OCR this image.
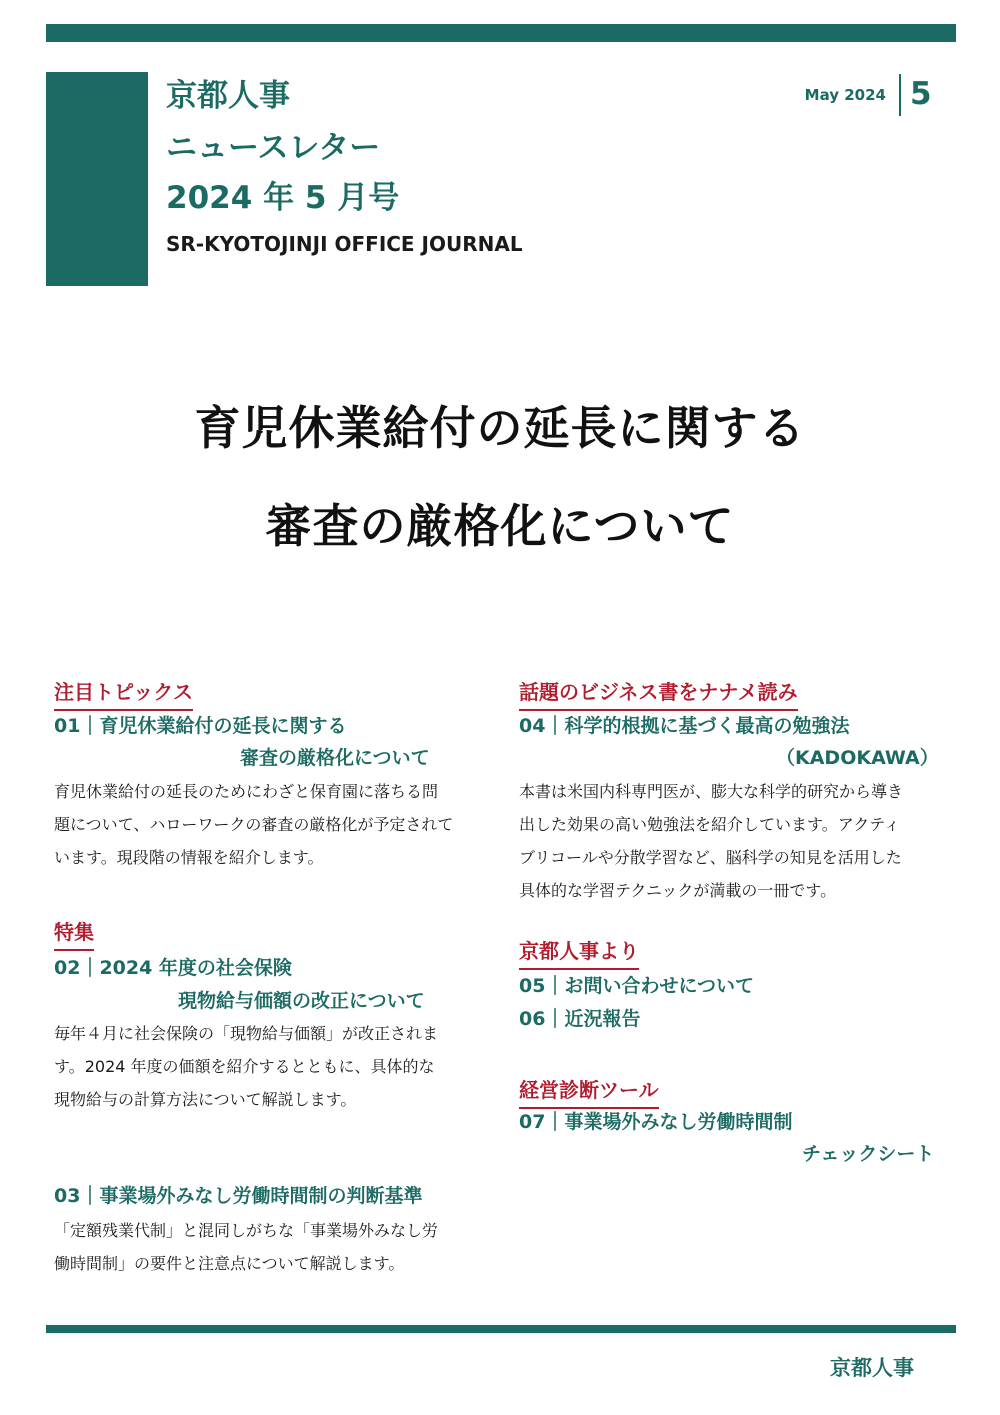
京都人事
ニュースレター
2024 年 5 月号
SR-KYOTOJINJI OFFICE JOURNAL
May 2024 5
育児休業給付の延長に関する
審査の厳格化について
注目トピックス
01｜育児休業給付の延長に関する
審査の厳格化について
育児休業給付の延長のためにわざと保育園に落ちる問
題について、ハローワークの審査の厳格化が予定されて
います。現段階の情報を紹介します。
特集
02｜2024 年度の社会保険
現物給与価額の改正について
毎年４月に社会保険の「現物給与価額」が改正されま
す。2024 年度の価額を紹介するとともに、具体的な
現物給与の計算方法について解説します。
03｜事業場外みなし労働時間制の判断基準
「定額残業代制」と混同しがちな「事業場外みなし労
働時間制」の要件と注意点について解説します。
話題のビジネス書をナナメ読み
04｜科学的根拠に基づく最高の勉強法
（KADOKAWA）
本書は米国内科専門医が、膨大な科学的研究から導き
出した効果の高い勉強法を紹介しています。アクティ
ブリコールや分散学習など、脳科学の知見を活用した
具体的な学習テクニックが満載の一冊です。
京都人事より
05｜お問い合わせについて
06｜近況報告
経営診断ツール
07｜事業場外みなし労働時間制
チェックシート
京都人事
